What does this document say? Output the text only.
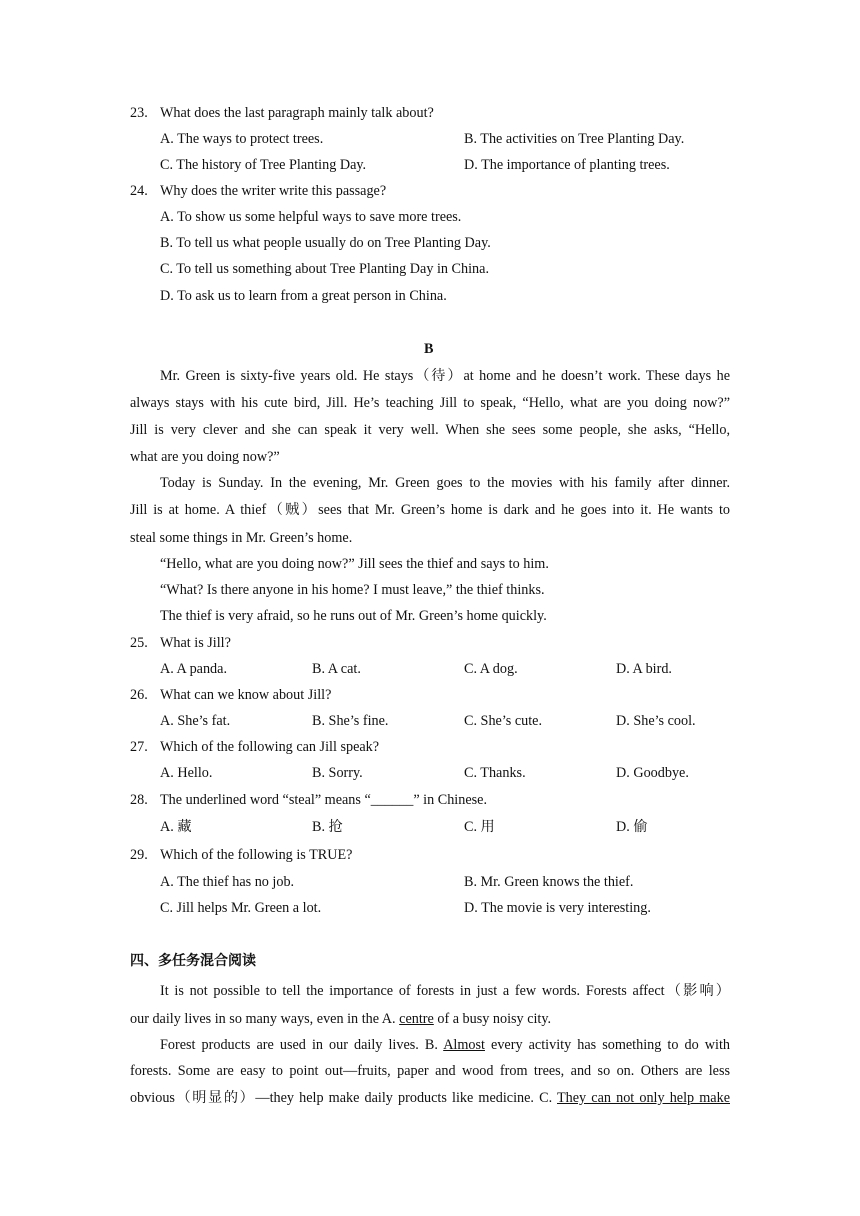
23. What does the last paragraph mainly talk about?
A. The ways to protect trees.	B. The activities on Tree Planting Day.
C. The history of Tree Planting Day.	D. The importance of planting trees.
24. Why does the writer write this passage?
A. To show us some helpful ways to save more trees.
B. To tell us what people usually do on Tree Planting Day.
C. To tell us something about Tree Planting Day in China.
D. To ask us to learn from a great person in China.
B
Mr. Green is sixty-five years old. He stays（待）at home and he doesn’t work. These days he
always stays with his cute bird, Jill. He’s teaching Jill to speak, “Hello, what are you doing now?”
Jill is very clever and she can speak it very well. When she sees some people, she asks, “Hello,
what are you doing now?”
Today is Sunday. In the evening, Mr. Green goes to the movies with his family after dinner.
Jill is at home. A thief（贼）sees that Mr. Green’s home is dark and he goes into it. He wants to
steal some things in Mr. Green’s home.
“Hello, what are you doing now?” Jill sees the thief and says to him.
“What? Is there anyone in his home? I must leave,” the thief thinks.
The thief is very afraid, so he runs out of Mr. Green’s home quickly.
25. What is Jill?
A. A panda.	B. A cat.	C. A dog.	D. A bird.
26. What can we know about Jill?
A. She’s fat.	B. She’s fine.	C. She’s cute.	D. She’s cool.
27. Which of the following can Jill speak?
A. Hello.	B. Sorry.	C. Thanks.	D. Goodbye.
28. The underlined word “steal” means “______” in Chinese.
A. 藏	B. 抢	C. 用	D. 偷
29. Which of the following is TRUE?
A. The thief has no job.	B. Mr. Green knows the thief.
C. Jill helps Mr. Green a lot.	D. The movie is very interesting.
四、多任务混合阅读
It is not possible to tell the importance of forests in just a few words. Forests affect（影响）
our daily lives in so many ways, even in the A. centre of a busy noisy city.
Forest products are used in our daily lives. B. Almost every activity has something to do with
forests. Some are easy to point out—fruits, paper and wood from trees, and so on. Others are less
obvious（明显的）—they help make daily products like medicine. C. They can not only help make
